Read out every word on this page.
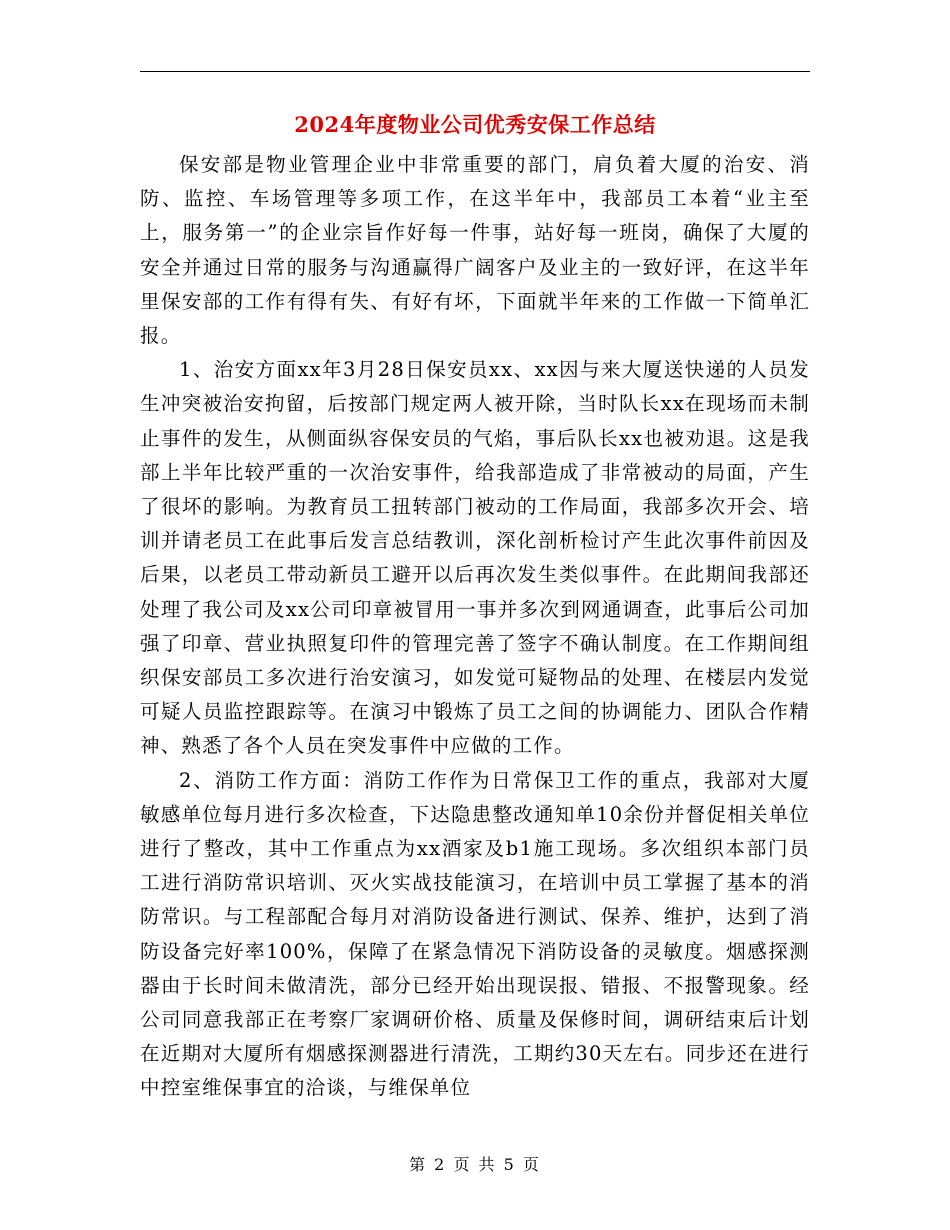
2024年度物业公司优秀安保工作总结

保安部是物业管理企业中非常重要的部门，肩负着大厦的治安、消防、监控、车场管理等多项工作，在这半年中，我部员工本着“业主至上，服务第一”的企业宗旨作好每一件事，站好每一班岗，确保了大厦的安全并通过日常的服务与沟通赢得广阔客户及业主的一致好评，在这半年里保安部的工作有得有失、有好有坏，下面就半年来的工作做一下简单汇报。

1、治安方面xx年3月28日保安员xx、xx因与来大厦送快递的人员发生冲突被治安拘留，后按部门规定两人被开除，当时队长xx在现场而未制止事件的发生，从侧面纵容保安员的气焰，事后队长xx也被劝退。这是我部上半年比较严重的一次治安事件，给我部造成了非常被动的局面，产生了很坏的影响。为教育员工扭转部门被动的工作局面，我部多次开会、培训并请老员工在此事后发言总结教训，深化剖析检讨产生此次事件前因及后果，以老员工带动新员工避开以后再次发生类似事件。在此期间我部还处理了我公司及xx公司印章被冒用一事并多次到网通调查，此事后公司加强了印章、营业执照复印件的管理完善了签字不确认制度。在工作期间组织保安部员工多次进行治安演习，如发觉可疑物品的处理、在楼层内发觉可疑人员监控跟踪等。在演习中锻炼了员工之间的协调能力、团队合作精神、熟悉了各个人员在突发事件中应做的工作。

2、消防工作方面：消防工作作为日常保卫工作的重点，我部对大厦敏感单位每月进行多次检查，下达隐患整改通知单10余份并督促相关单位进行了整改，其中工作重点为xx酒家及b1施工现场。多次组织本部门员工进行消防常识培训、灭火实战技能演习，在培训中员工掌握了基本的消防常识。与工程部配合每月对消防设备进行测试、保养、维护，达到了消防设备完好率100%，保障了在紧急情况下消防设备的灵敏度。烟感探测器由于长时间未做清洗，部分已经开始出现误报、错报、不报警现象。经公司同意我部正在考察厂家调研价格、质量及保修时间，调研结束后计划在近期对大厦所有烟感探测器进行清洗，工期约30天左右。同步还在进行中控室维保事宜的洽谈，与维保单位

第 2 页 共 5 页
